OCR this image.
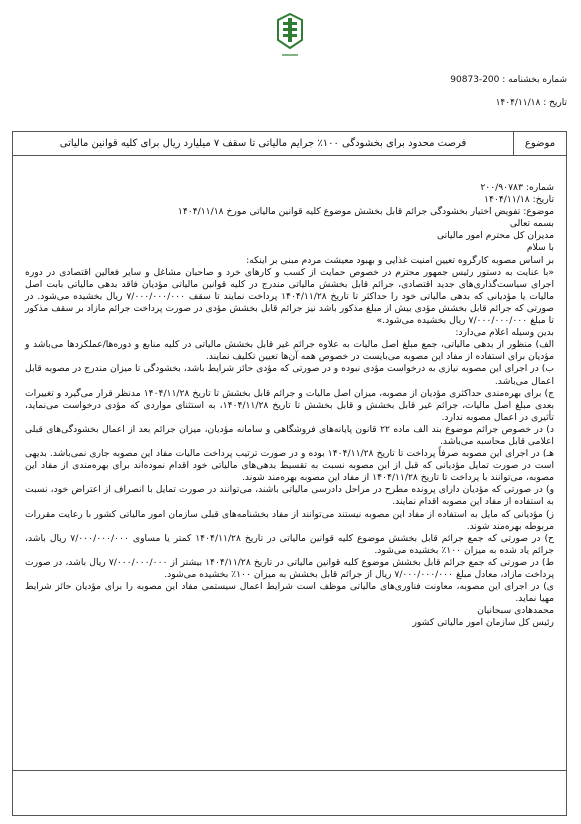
شماره بخشنامه : 200-90873
تاریخ : ۱۴۰۴/۱۱/۱۸
موضوع
فرصت محدود برای بخشودگی ۱۰۰٪ جرایم مالیاتی تا سقف ۷ میلیارد ریال برای کلیه قوانین مالیاتی

شماره: ۲۰۰/۹۰۷۸۳

تاریخ: ۱۴۰۴/۱۱/۱۸

موضوع: تفویض اختیار بخشودگی جرائم قابل بخشش موضوع کلیه قوانین مالیاتی مورخ ۱۴۰۴/۱۱/۱۸

بسمه تعالی

مدیران کل محترم امور مالیاتی

با سلام

بر اساس مصوبه کارگروه تعیین امنیت غذایی و بهبود معیشت مردم مبنی بر اینکه:

«با عنایت به دستور رئیس جمهور محترم در خصوص حمایت از کسب و کارهای خرد و صاحبان مشاغل و سایر فعالین اقتصادی در دوره اجرای سیاست‌گذاری‌های جدید اقتصادی، جرائم قابل بخشش مالیاتی مندرج در کلیه قوانین مالیاتی مؤدیان فاقد بدهی مالیاتی بابت اصل مالیات یا مؤدیانی که بدهی مالیاتی خود را حداکثر تا تاریخ ۱۴۰۴/۱۱/۲۸ پرداخت نمایند تا سقف ۷/۰۰۰/۰۰۰/۰۰۰ ریال بخشیده می‌شود. در صورتی که جرائم قابل بخشش مؤدی بیش از مبلغ مذکور باشد نیز جرائم قابل بخشش مؤدی در صورت پرداخت جرائم مازاد بر سقف مذکور تا مبلغ ۷/۰۰۰/۰۰۰/۰۰۰ ریال بخشیده می‌شود.»

بدین وسیله اعلام می‌دارد:

الف) منظور از بدهی مالیاتی، جمع مبلغ اصل مالیات به علاوه جرائم غیر قابل بخشش مالیاتی در کلیه منابع و دوره‌ها/عملکردها می‌باشد و مؤدیان برای استفاده از مفاد این مصوبه می‌بایست در خصوص همه آن‌ها تعیین تکلیف نمایند.

ب) در اجرای این مصوبه نیازی به درخواست مؤدی نبوده و در صورتی که مؤدی حائز شرایط باشد، بخشودگی تا میزان مندرج در مصوبه قابل اعمال می‌باشد.

ج) برای بهره‌مندی حداکثری مؤدیان از مصوبه، میزان اصل مالیات و جرائم قابل بخشش تا تاریخ ۱۴۰۴/۱۱/۲۸ مدنظر قرار می‌گیرد و تغییرات بعدی مبلغ اصل مالیات، جرائم غیر قابل بخشش و قابل بخشش تا تاریخ ۱۴۰۴/۱۱/۲۸، به استثنای مواردی که مؤدی درخواست می‌نماید، تأثیری در اعمال مصوبه ندارد.

د) در خصوص جرائم موضوع بند الف ماده ۲۲ قانون پایانه‌های فروشگاهی و سامانه مؤدیان، میزان جرائم بعد از اعمال بخشودگی‌های قبلی اعلامی قابل محاسبه می‌باشد.

هـ) در اجرای این مصوبه صرفاً پرداخت تا تاریخ ۱۴۰۴/۱۱/۲۸ بوده و در صورت ترتیب پرداخت مالیات مفاد این مصوبه جاری نمی‌باشد. بدیهی است در صورت تمایل مؤدیانی که قبل از این مصوبه نسبت به تقسیط بدهی‌های مالیاتی خود اقدام نموده‌اند برای بهره‌مندی از مفاد این مصوبه، می‌توانند با پرداخت تا تاریخ ۱۴۰۴/۱۱/۲۸ از مفاد این مصوبه بهره‌مند شوند.

و) در صورتی که مؤدیان دارای پرونده مطرح در مراحل دادرسی مالیاتی باشند، می‌توانند در صورت تمایل با انصراف از اعتراض خود، نسبت به استفاده از مفاد این مصوبه اقدام نمایند.

ز) مؤدیانی که مایل به استفاده از مفاد این مصوبه نیستند می‌توانند از مفاد بخشنامه‌های قبلی سازمان امور مالیاتی کشور با رعایت مقررات مربوطه بهره‌مند شوند.

ح) در صورتی که جمع جرائم قابل بخشش موضوع کلیه قوانین مالیاتی در تاریخ ۱۴۰۴/۱۱/۲۸ کمتر یا مساوی ۷/۰۰۰/۰۰۰/۰۰۰ ریال باشد، جرائم یاد شده به میزان ۱۰۰٪ بخشیده می‌شود.

ط) در صورتی که جمع جرائم قابل بخشش موضوع کلیه قوانین مالیاتی در تاریخ ۱۴۰۴/۱۱/۲۸ بیشتر از ۷/۰۰۰/۰۰۰/۰۰۰ ریال باشد، در صورت پرداخت مازاد، معادل مبلغ ۷/۰۰۰/۰۰۰/۰۰۰ ریال از جرائم قابل بخشش به میزان ۱۰۰٪ بخشیده می‌شود.

ی) در اجرای این مصوبه، معاونت فناوری‌های مالیاتی موظف است شرایط اعمال سیستمی مفاد این مصوبه را برای مؤدیان حائز شرایط مهیا نماید.

محمدهادی سبحانیان

رئیس کل سازمان امور مالیاتی کشور
